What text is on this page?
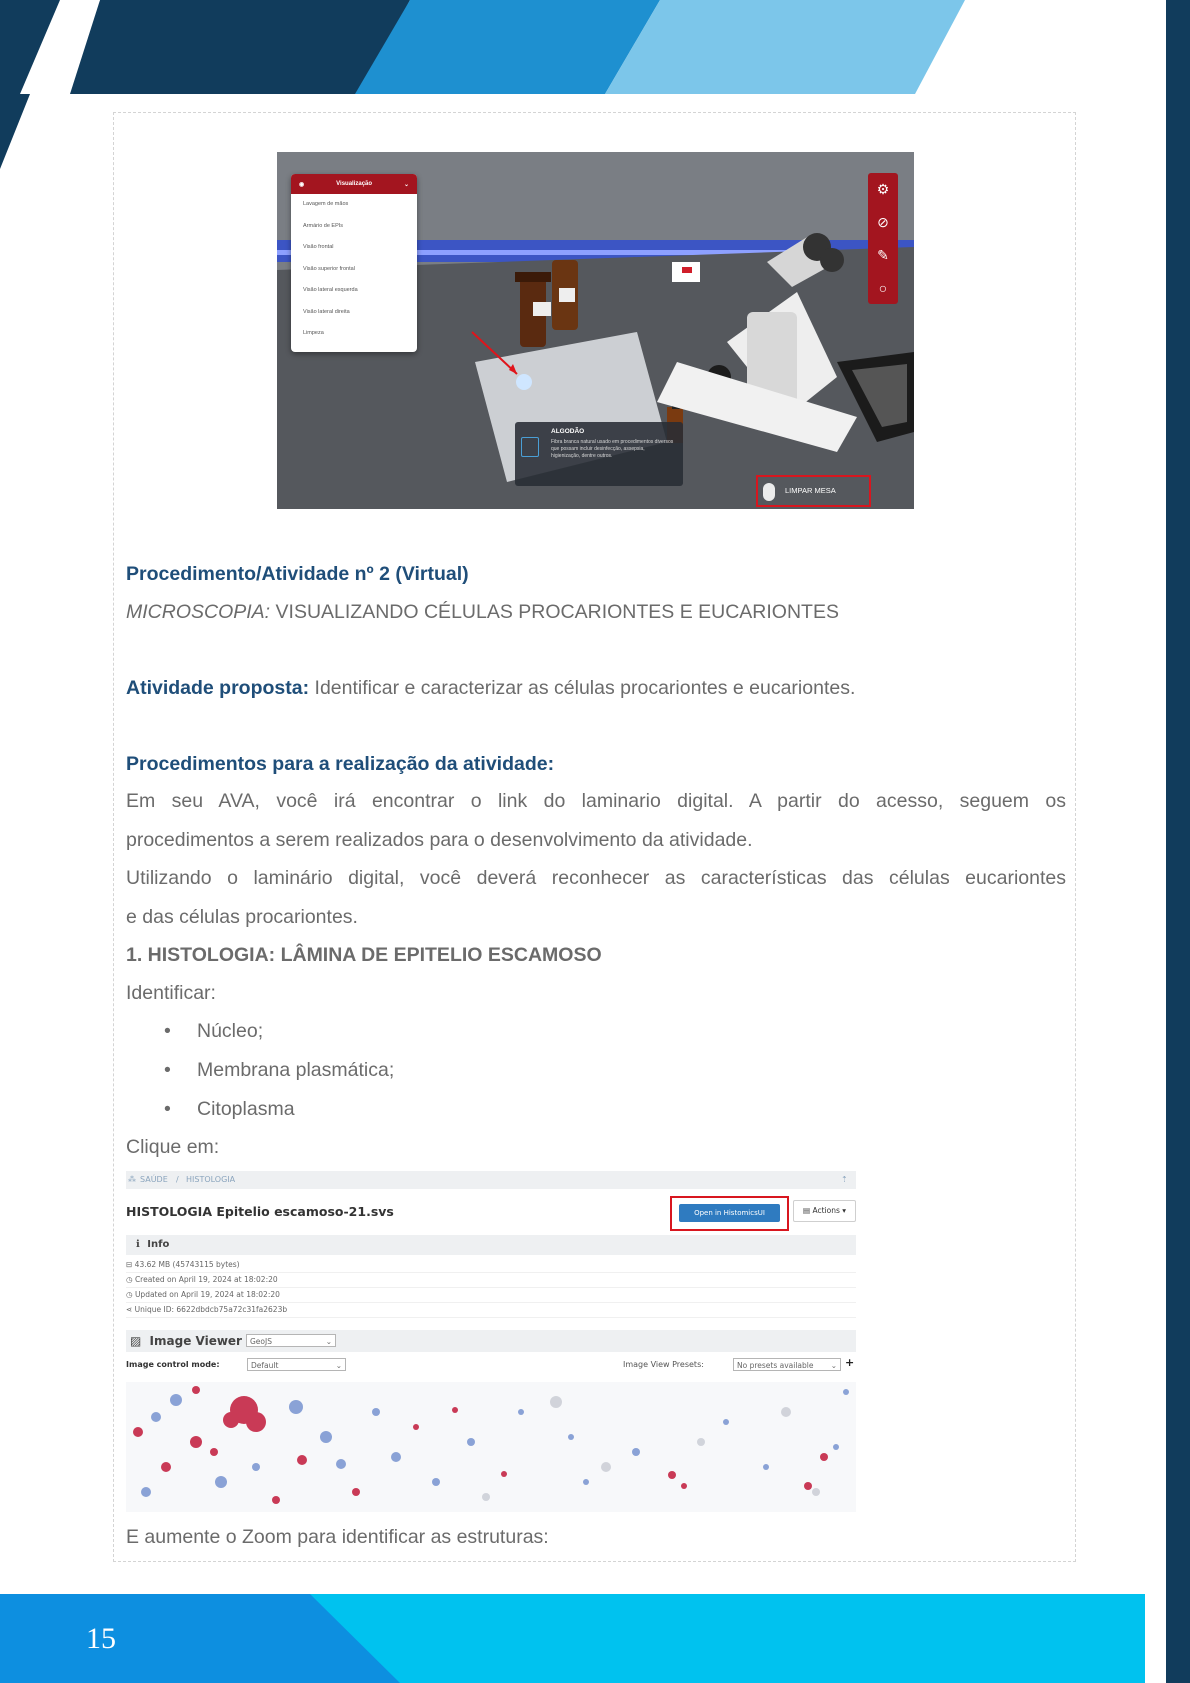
15
◉	Visualização	⌄
Lavagem de mãos
Armário de EPIs
Visão frontal
Visão superior frontal
Visão lateral esquerda
Visão lateral direita
Limpeza
⚙
⊘
✎
○
ALGODÃO
Fibra branca natural usado em procedimentos diversos que possam incluir desinfecção, assepsia, higienização, dentre outros.
LIMPAR MESA
Procedimento/Atividade nº 2 (Virtual)
MICROSCOPIA: VISUALIZANDO CÉLULAS PROCARIONTES E EUCARIONTES
Atividade proposta: Identificar e caracterizar as células procariontes e eucariontes.
Procedimentos para a realização da atividade:
Em seu AVA, você irá encontrar o link do laminario digital. A partir do acesso, seguem os
procedimentos a serem realizados para o desenvolvimento da atividade.
Utilizando o laminário digital, você deverá reconhecer as características das células eucariontes
e das células procariontes.
1. HISTOLOGIA: LÂMINA DE EPITELIO ESCAMOSO
Identificar:
• Núcleo;
• Membrana plasmática;
• Citoplasma
Clique em:
⁂ SAÚDE / HISTOLOGIA	⇡
HISTOLOGIA Epitelio escamoso-21.svs	Open in HistomicsUI	▤ Actions ▾
ℹ Info
⊟ 43.62 MB (45743115 bytes)
◷ Created on April 19, 2024 at 18:02:20
◷ Updated on April 19, 2024 at 18:02:20
⋖ Unique ID: 6622dbdcb75a72c31fa2623b
▨ Image Viewer	GeoJS	⌄
Image control mode:	Default	⌄	Image View Presets:	No presets available ⌄ +
E aumente o Zoom para identificar as estruturas:
